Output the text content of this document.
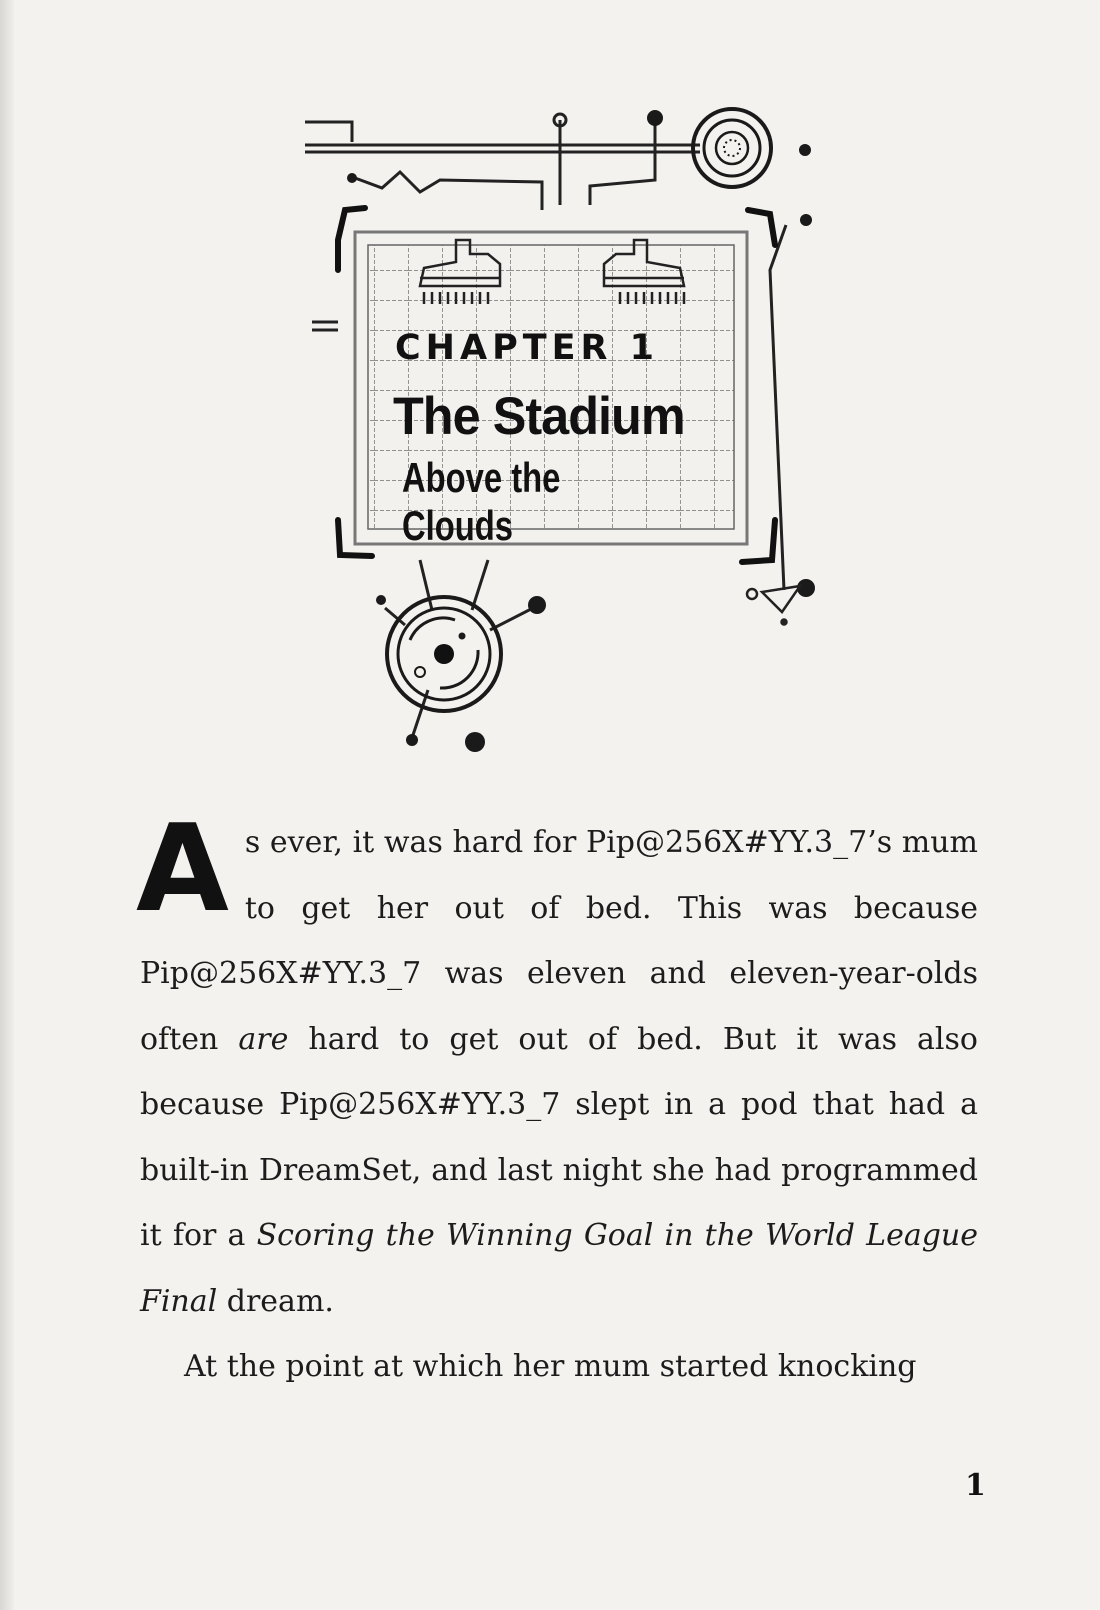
CHAPTER 1
The Stadium
Above the Clouds

As ever, it was hard for Pip@256X#YY.3_7’s mum to get her out of bed. This was because Pip@256X#YY.3_7 was eleven and eleven-year-olds often are hard to get out of bed. But it was also because Pip@256X#YY.3_7 slept in a pod that had a built-in DreamSet, and last night she had programmed it for a Scoring the Winning Goal in the World League Final dream.

At the point at which her mum started knocking

1
